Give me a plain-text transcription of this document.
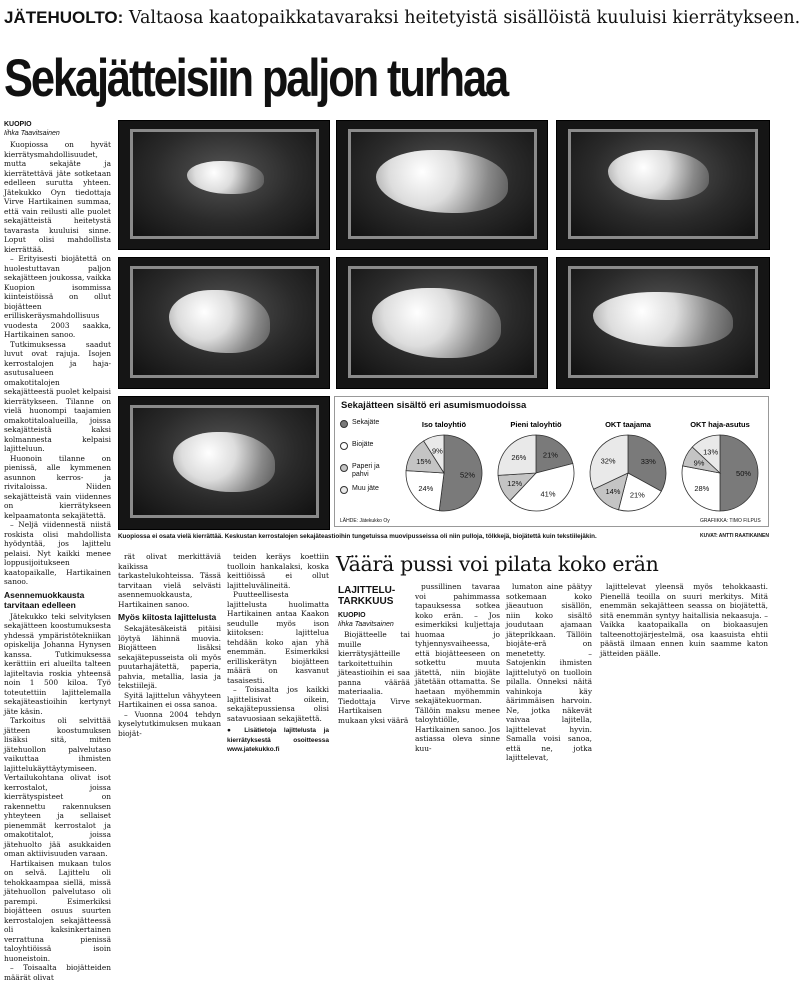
JÄTEHUOLTO: Valtaosa kaatopaikkatavaraksi heitetyistä sisällöistä kuuluisi kierrätykseen.
Sekajätteisiin paljon turhaa
KUOPIO
Iihka Taavitsainen

Kuopiossa on hyvät kierrätysmahdollisuudet, mutta sekajäte ja kierrätettävä jäte sotketaan edelleen surutta yhteen. Jätekukko Oyn tiedottaja Virve Hartikainen summaa, että vain reilusti alle puolet sekajätteistä heitetystä tavarasta kuuluisi sinne. Loput olisi mahdollista kierrättää.

– Erityisesti biojätettä on huolestuttavan paljon sekajätteen joukossa, vaikka Kuopion isommissa kiinteistöissä on ollut biojätteen erilliskeräysmahdollisuus vuodesta 2003 saakka, Hartikainen sanoo.

Tutkimuksessa saadut luvut ovat rajuja. Isojen kerrostalojen ja haja-asutusalueen omakotitalojen sekajätteestä puolet kelpaisi kierrätykseen. Tilanne on vielä huonompi taajamien omakotitaloalueilla, joissa sekajätteistä kaksi kolmannesta kelpaisi lajitteluun.

Huonoin tilanne on pienissä, alle kymmenen asunnon kerros- ja rivitaloissa. Niiden sekajätteistä vain viidennes on kierrätykseen kelpaamatonta sekajätettä.

– Neljä viidennestä niistä roskista olisi mahdollista hyödyntää, jos lajittelu pelaisi. Nyt kaikki menee loppusijoitukseen kaatopaikalle, Hartikainen sanoo.

Asennemuokkausta tarvitaan edelleen

Jätekukko teki selvityksen sekajätteen koostumuksesta yhdessä ympäristötekniikan opiskelija Johanna Hynysen kanssa. Tutkimuksessa kerättiin eri alueilta talteen lajiteltavia roskia yhteensä noin 1 500 kiloa. Työ toteutettiin lajittelemalla sekajäteastioihin kertynyt jäte käsin.

Tarkoitus oli selvittää jätteen koostumuksen lisäksi sitä, miten jätehuollon palvelutaso vaikuttaa ihmisten lajittelukäyttäytymiseen. Vertailukohtana olivat isot kerrostalot, joissa kierrätyspisteet on rakennettu rakennuksen yhteyteen ja sellaiset pienemmät kerrostalot ja omakotitalot, joissa jätehuolto jää asukkaiden oman aktiivisuuden varaan.

Hartikaisen mukaan tulos on selvä. Lajittelu oli tehokkaampaa siellä, missä jätehuollon palvelutaso oli parempi. Esimerkiksi biojätteen osuus suurten kerrostalojen sekajätteessä oli kaksinkertainen verrattuna pienissä taloyhtiöissä isoin huoneistoin.

– Toisaalta biojätteiden määrät olivat

Sekajätteen sisältö eri asumismuodoissa
Sekajäte
Biojäte
Paperi ja pahvi
Muu jäte
Iso taloyhtiö
52%
24%
15%
9%
Pieni taloyhtiö
21%
41%
12%
26%
OKT taajama
33%
21%
14%
32%
OKT haja-asutus
50%
28%
9%
13%
LÄHDE: Jätekukko Oy	GRAFIIKKA: TIMO FILPUS
Kuopiossa ei osata vielä kierrättää. Keskustan kerrostalojen sekajäteastioihin tungetuissa muovipusseissa oli niin pulloja, tölkkejä, biojätettä kuin tekstiilejäkin.	KUVAT: ANTTI RAATIKAINEN

rät olivat merkittäviä kaikissa tarkastelukohteissa. Tässä tarvitaan vielä selvästi asennemuokkausta, Hartikainen sanoo.

Myös kiitosta lajittelusta

Sekajätesäkeistä pitäisi löytyä lähinnä muovia. Biojätteen lisäksi sekajätepusseista oli myös puutarhajätettä, paperia, pahvia, metallia, lasia ja tekstiilejä.

Syitä lajittelun vähyyteen Hartikainen ei ossa sanoa.

– Vuonna 2004 tehdyn kyselytutkimuksen mukaan biojät-

teiden keräys koettiin tuolloin hankalaksi, koska keittiöissä ei ollut lajitteluvälineitä.

Puutteellisesta lajittelusta huolimatta Hartikainen antaa Kaakon seudulle myös ison kiitoksen: lajittelua tehdään koko ajan yhä enemmän. Esimerkiksi erilliskerätyn biojätteen määrä on kasvanut tasaisesti.

– Toisaalta jos kaikki lajittelisivat oikein, sekajätepussiensa olisi satavuosiaan sekajätettä.

● Lisätietoja lajittelusta ja kierrätyksestä osoitteessa www.jatekukko.fi

Väärä pussi voi pilata koko erän
LAJITTELU-TARKKUUS
KUOPIO
Iihka Taavitsainen

Biojätteelle tai muille kierrätysjätteille tarkoitettuihin jäteastioihin ei saa panna väärää materiaalia. Tiedottaja Virve Hartikaisen mukaan yksi väärä

pussillinen tavaraa voi pahimmassa tapauksessa sotkea koko erän. – Jos esimerkiksi kuljettaja huomaa jo tyhjennysvaiheessa, että biojätteeseen on sotkettu muuta jätettä, niin biojäte jätetään ottamatta. Se haetaan myöhemmin sekajätekuorman. Tällöin maksu menee taloyhtiölle, Hartikainen sanoo. Jos astiassa oleva sinne kuu-

lumaton aine päätyy sotkemaan koko jäeautuon sisällön, niin koko sisältö joudutaan ajamaan jäteprikkaan. Tällöin biojäte-erä on menetetty. – Satojenkin ihmisten lajittelutyö on tuolloin pilalla. Onneksi näitä vahinkoja käy äärimmäisen harvoin. Ne, jotka näkevät vaivaa lajitella, lajittelevat hyvin. Samalla voisi sanoa, että ne, jotka lajittelevat,

lajittelevat yleensä myös tehokkaasti. Pienellä teoilla on suuri merkitys. Mitä enemmän sekajätteen seassa on biojätettä, sitä enemmän syntyy haitallisia nekaasuja. – Vaikka kaatopaikalla on biokaasujen talteenottojärjestelmä, osa kaasuista ehtii päästä ilmaan ennen kuin saamme katon jätteiden päälle.
